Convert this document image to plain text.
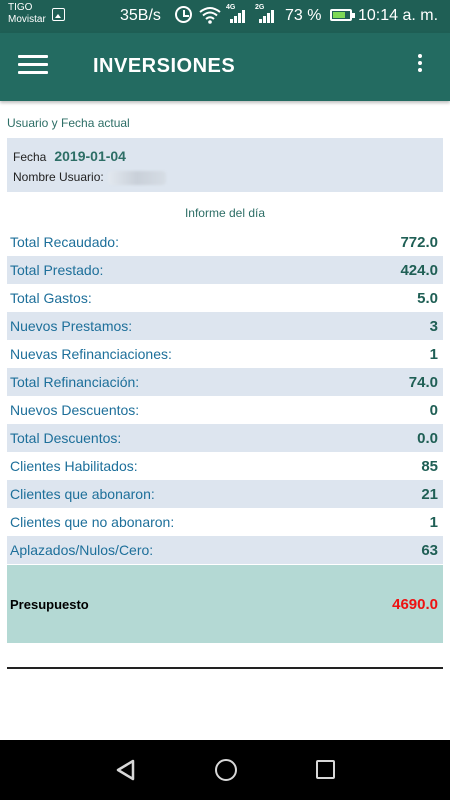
TIGO
Movistar	35B/s	4G	2G 73 % 10:14 a. m.
INVERSIONES
Usuario y Fecha actual
Fecha 2019-01-04
Nombre Usuario:
Informe del día
Total Recaudado:	772.0
Total Prestado:	424.0
Total Gastos:	5.0
Nuevos Prestamos:	3
Nuevas Refinanciaciones:	1
Total Refinanciación:	74.0
Nuevos Descuentos:	0
Total Descuentos:	0.0
Clientes Habilitados:	85
Clientes que abonaron:	21
Clientes que no abonaron:	1
Aplazados/Nulos/Cero:	63
Presupuesto	4690.0
